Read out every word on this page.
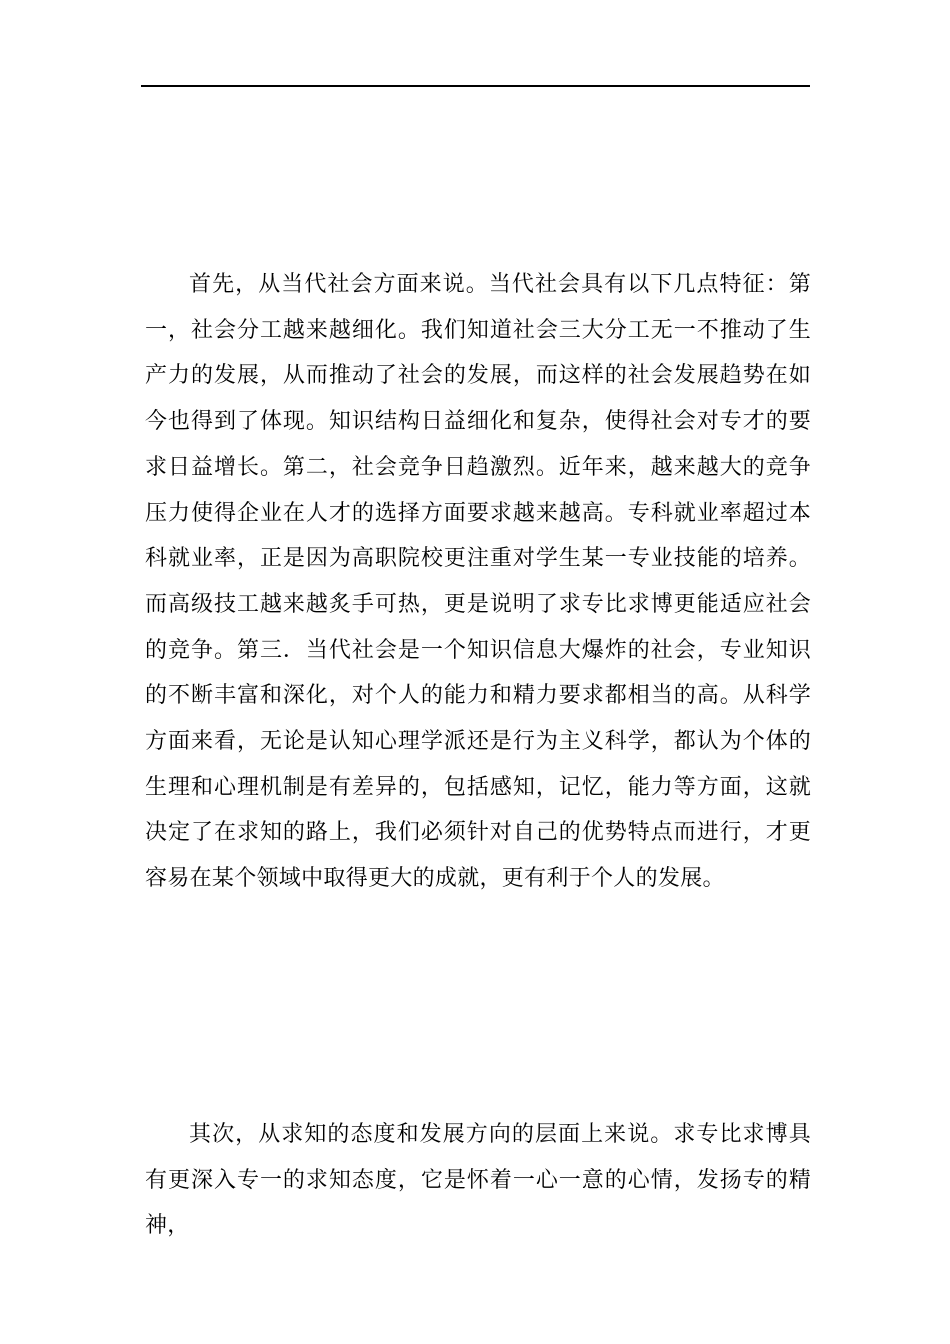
首先，从当代社会方面来说。当代社会具有以下几点特征：第一，社会分工越来越细化。我们知道社会三大分工无一不推动了生产力的发展，从而推动了社会的发展，而这样的社会发展趋势在如今也得到了体现。知识结构日益细化和复杂，使得社会对专才的要求日益增长。第二，社会竞争日趋激烈。近年来，越来越大的竞争压力使得企业在人才的选择方面要求越来越高。专科就业率超过本科就业率，正是因为高职院校更注重对学生某一专业技能的培养。而高级技工越来越炙手可热，更是说明了求专比求博更能适应社会的竞争。第三．当代社会是一个知识信息大爆炸的社会，专业知识的不断丰富和深化，对个人的能力和精力要求都相当的高。从科学方面来看，无论是认知心理学派还是行为主义科学，都认为个体的生理和心理机制是有差异的，包括感知，记忆，能力等方面，这就决定了在求知的路上，我们必须针对自己的优势特点而进行，才更容易在某个领域中取得更大的成就，更有利于个人的发展。

其次，从求知的态度和发展方向的层面上来说。求专比求博具有更深入专一的求知态度，它是怀着一心一意的心情，发扬专的精神，
